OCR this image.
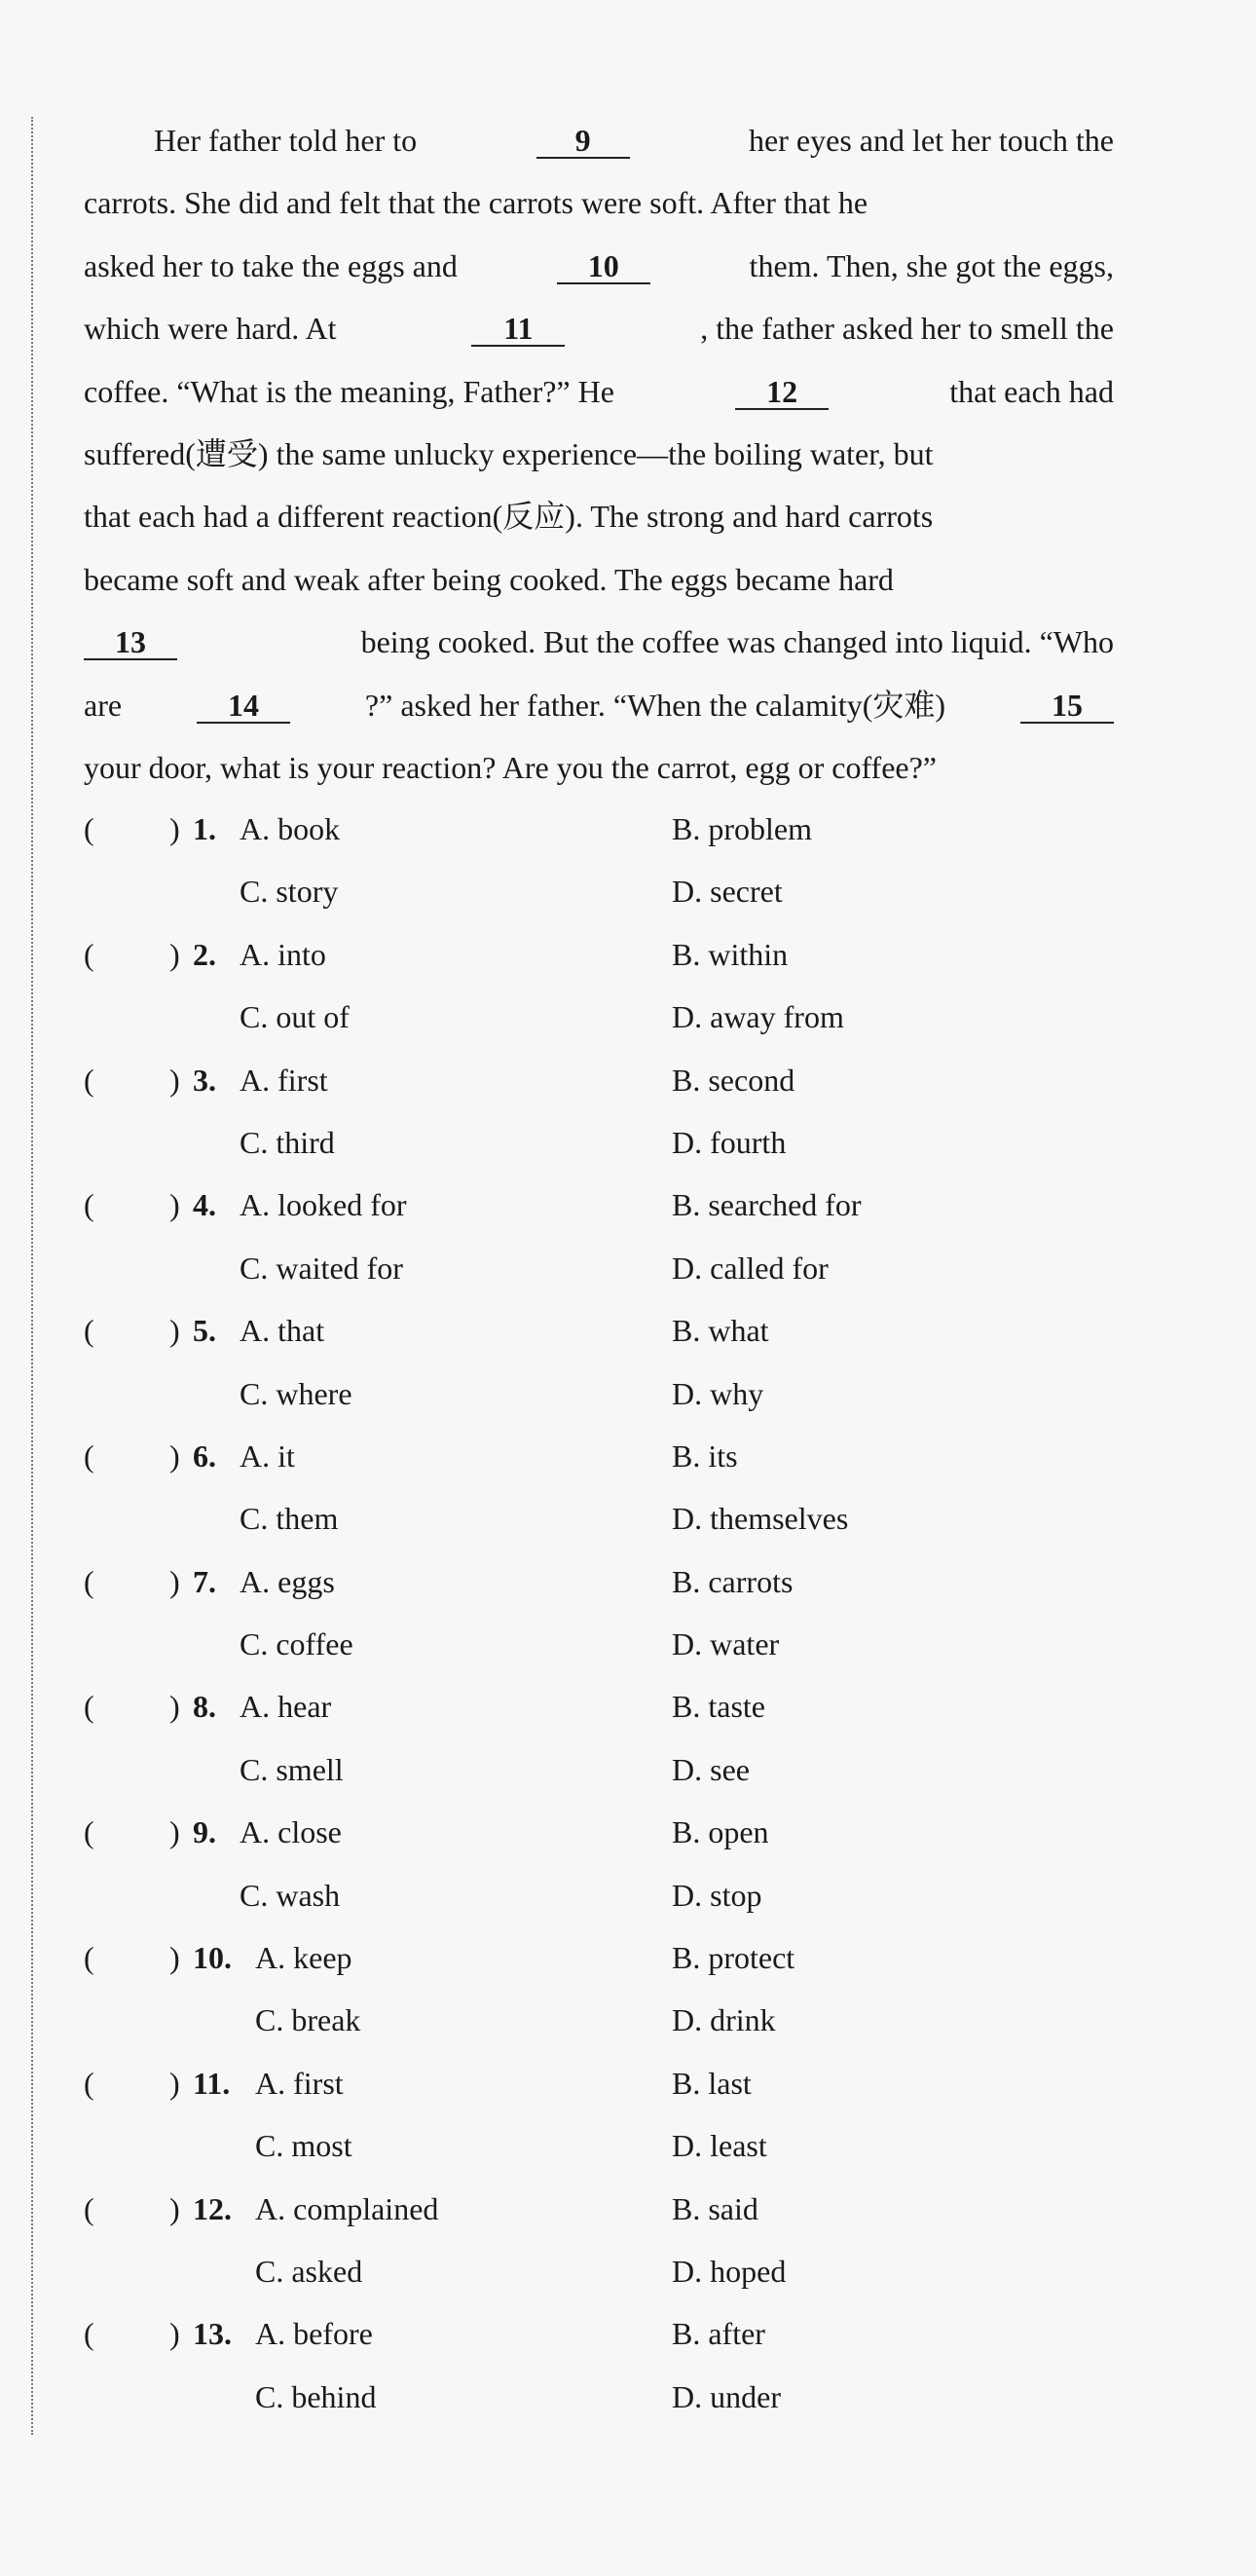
Her father told her to	9	her eyes and let her touch the
carrots. She did and felt that the carrots were soft. After that he
asked her to take the eggs and	10	them. Then, she got the eggs,
which were hard. At	11	, the father asked her to smell the
coffee. “What is the meaning, Father?” He	12	that each had
suffered(遭受) the same unlucky experience—the boiling water, but
that each had a different reaction(反应). The strong and hard carrots
became soft and weak after being cooked. The eggs became hard
13	being cooked. But the coffee was changed into liquid. “Who
are	14	?” asked her father. “When the calamity(灾难)	15
your door, what is your reaction? Are you the carrot, egg or coffee?”
( ) 1. A. book	B. problem
C. story	D. secret
( ) 2. A. into	B. within
C. out of	D. away from
( ) 3. A. first	B. second
C. third	D. fourth
( ) 4. A. looked for	B. searched for
C. waited for	D. called for
( ) 5. A. that	B. what
C. where	D. why
( ) 6. A. it	B. its
C. them	D. themselves
( ) 7. A. eggs	B. carrots
C. coffee	D. water
( ) 8. A. hear	B. taste
C. smell	D. see
( ) 9. A. close	B. open
C. wash	D. stop
( ) 10. A. keep	B. protect
C. break	D. drink
( ) 11. A. first	B. last
C. most	D. least
( ) 12. A. complained	B. said
C. asked	D. hoped
( ) 13. A. before	B. after
C. behind	D. under
